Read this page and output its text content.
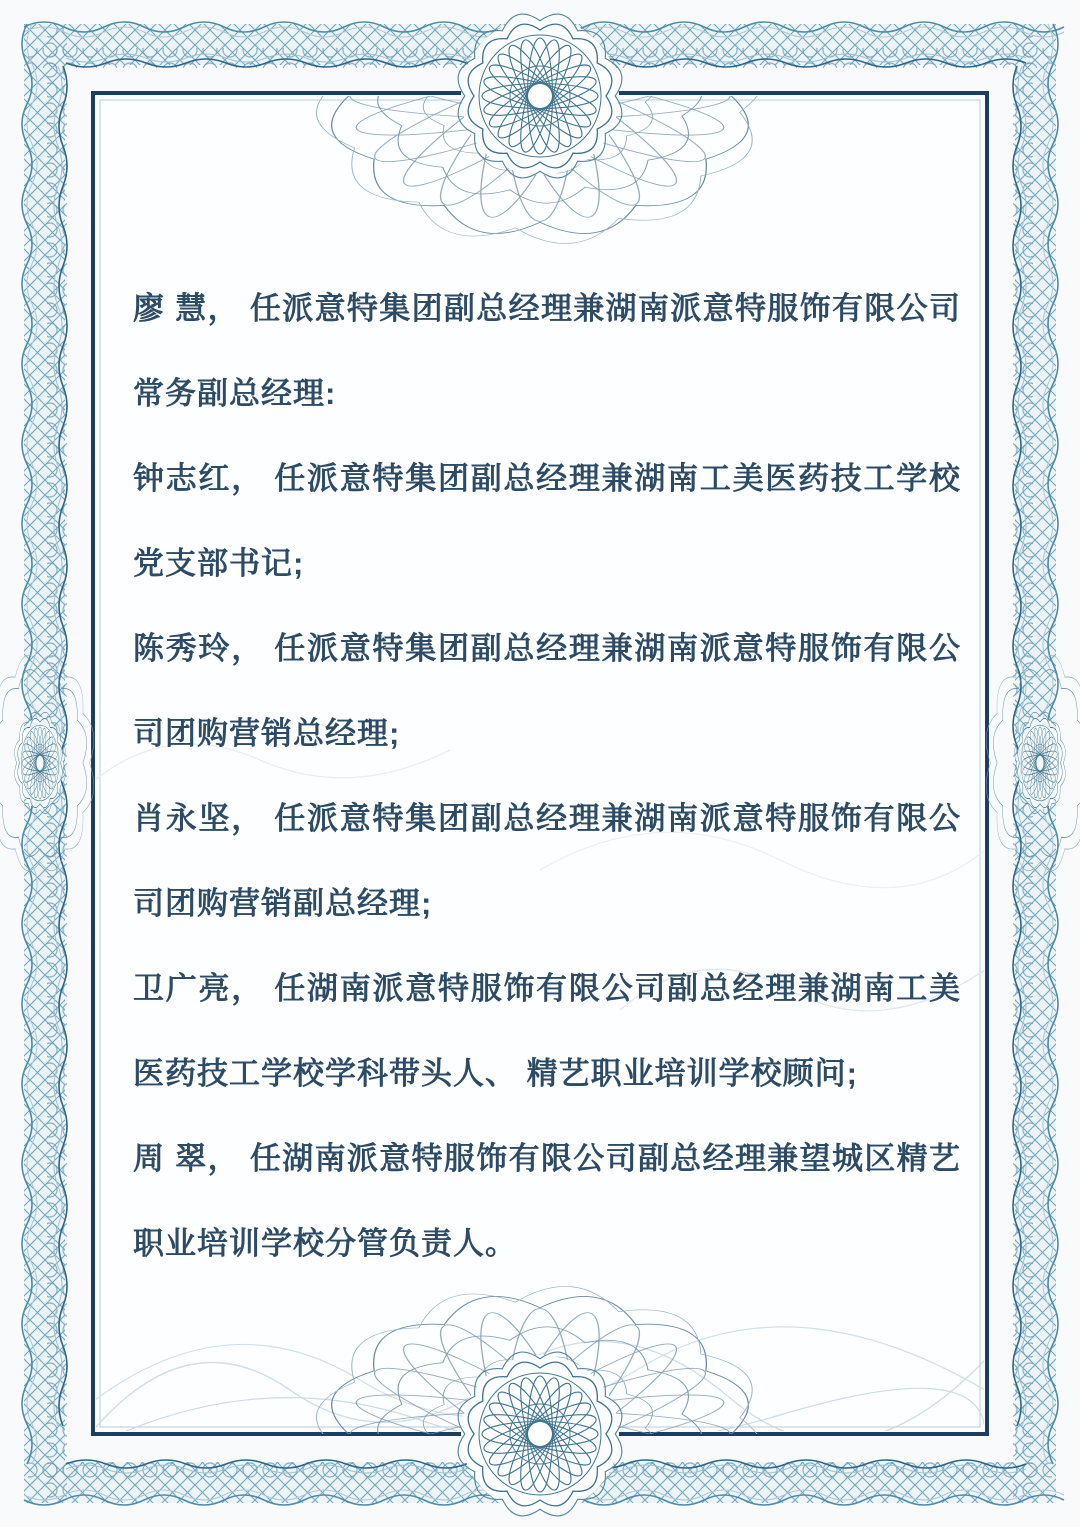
廖 慧， 任派意特集团副总经理兼湖南派意特服饰有限公司常务副总经理:

钟志红， 任派意特集团副总经理兼湖南工美医药技工学校党支部书记;

陈秀玲， 任派意特集团副总经理兼湖南派意特服饰有限公司团购营销总经理;

肖永坚， 任派意特集团副总经理兼湖南派意特服饰有限公司团购营销副总经理;

卫广亮， 任湖南派意特服饰有限公司副总经理兼湖南工美医药技工学校学科带头人、 精艺职业培训学校顾问;

周 翠， 任湖南派意特服饰有限公司副总经理兼望城区精艺职业培训学校分管负责人。
